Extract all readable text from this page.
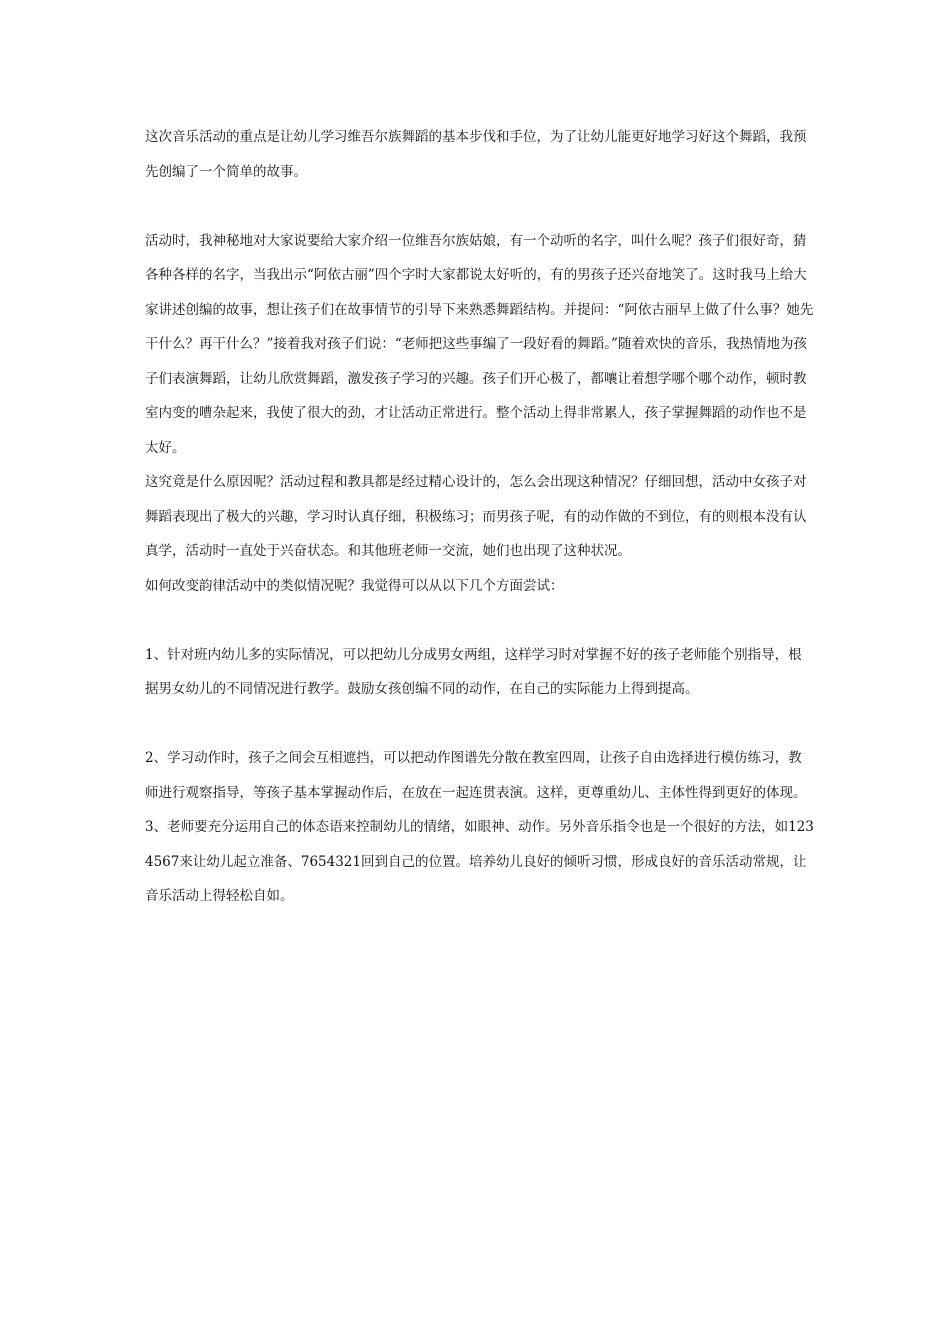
这次音乐活动的重点是让幼儿学习维吾尔族舞蹈的基本步伐和手位，为了让幼儿能更好地学习好这个舞蹈，我预先创编了一个简单的故事。

活动时，我神秘地对大家说要给大家介绍一位维吾尔族姑娘，有一个动听的名字，叫什么呢？孩子们很好奇，猜各种各样的名字，当我出示“阿依古丽”四个字时大家都说太好听的，有的男孩子还兴奋地笑了。这时我马上给大家讲述创编的故事，想让孩子们在故事情节的引导下来熟悉舞蹈结构。并提问：“阿依古丽早上做了什么事？她先干什么？再干什么？”接着我对孩子们说：“老师把这些事编了一段好看的舞蹈。”随着欢快的音乐，我热情地为孩子们表演舞蹈，让幼儿欣赏舞蹈，激发孩子学习的兴趣。孩子们开心极了，都嚷让着想学哪个哪个动作，顿时教室内变的嘈杂起来，我使了很大的劲，才让活动正常进行。整个活动上得非常累人，孩子掌握舞蹈的动作也不是太好。

这究竟是什么原因呢？活动过程和教具都是经过精心设计的，怎么会出现这种情况？仔细回想，活动中女孩子对舞蹈表现出了极大的兴趣，学习时认真仔细，积极练习；而男孩子呢，有的动作做的不到位，有的则根本没有认真学，活动时一直处于兴奋状态。和其他班老师一交流，她们也出现了这种状况。

如何改变韵律活动中的类似情况呢？我觉得可以从以下几个方面尝试：

1、针对班内幼儿多的实际情况，可以把幼儿分成男女两组，这样学习时对掌握不好的孩子老师能个别指导，根据男女幼儿的不同情况进行教学。鼓励女孩创编不同的动作，在自己的实际能力上得到提高。

2、学习动作时，孩子之间会互相遮挡，可以把动作图谱先分散在教室四周，让孩子自由选择进行模仿练习，教师进行观察指导，等孩子基本掌握动作后，在放在一起连贯表演。这样，更尊重幼儿、主体性得到更好的体现。

3、老师要充分运用自己的体态语来控制幼儿的情绪，如眼神、动作。另外音乐指令也是一个很好的方法，如1234567来让幼儿起立准备、7654321回到自己的位置。培养幼儿良好的倾听习惯，形成良好的音乐活动常规，让音乐活动上得轻松自如。
